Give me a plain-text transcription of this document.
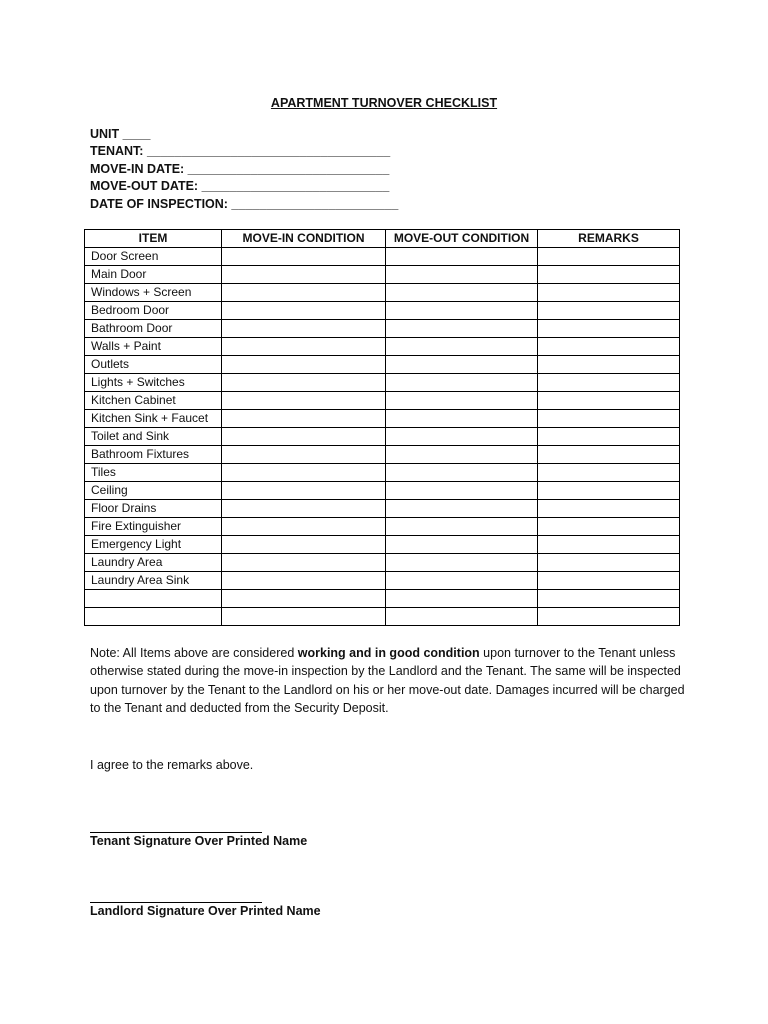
APARTMENT TURNOVER CHECKLIST
UNIT ____
TENANT: ___________________________________
MOVE-IN DATE: _____________________________
MOVE-OUT DATE: ___________________________
DATE OF INSPECTION: ________________________
ITEM	MOVE-IN CONDITION	MOVE-OUT CONDITION	REMARKS
Door Screen			
Main Door			
Windows + Screen			
Bedroom Door			
Bathroom Door			
Walls + Paint			
Outlets			
Lights + Switches			
Kitchen Cabinet			
Kitchen Sink + Faucet			
Toilet and Sink			
Bathroom Fixtures			
Tiles			
Ceiling			
Floor Drains			
Fire Extinguisher			
Emergency Light			
Laundry Area			
Laundry Area Sink			

Note: All Items above are considered working and in good condition upon turnover to the Tenant unless otherwise stated during the move-in inspection by the Landlord and the Tenant. The same will be inspected upon turnover by the Tenant to the Landlord on his or her move-out date. Damages incurred will be charged to the Tenant and deducted from the Security Deposit.
I agree to the remarks above.
Tenant Signature Over Printed Name
Landlord Signature Over Printed Name
